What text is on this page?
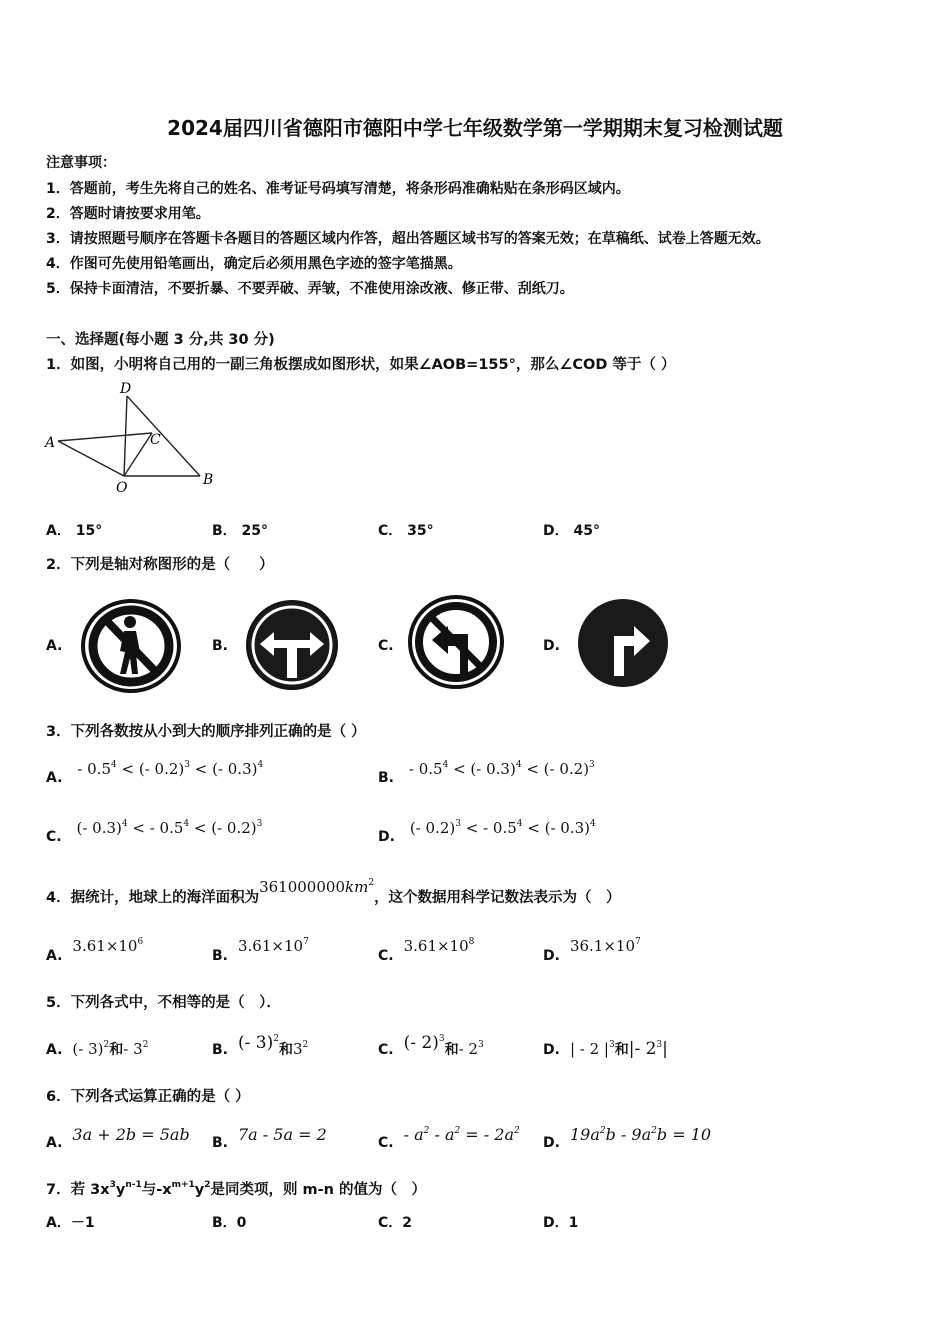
2024届四川省德阳市德阳中学七年级数学第一学期期末复习检测试题
注意事项：
1．答题前，考生先将自己的姓名、准考证号码填写清楚，将条形码准确粘贴在条形码区域内。
2．答题时请按要求用笔。
3．请按照题号顺序在答题卡各题目的答题区域内作答，超出答题区域书写的答案无效；在草稿纸、试卷上答题无效。
4．作图可先使用铅笔画出，确定后必须用黑色字迹的签字笔描黑。
5．保持卡面清洁，不要折暴、不要弄破、弄皱，不准使用涂改液、修正带、刮纸刀。
一、选择题(每小题 3 分,共 30 分)
1．如图，小明将自己用的一副三角板摆成如图形状，如果∠AOB=155°，那么∠COD 等于（ ）
D
A	C
O	B
A． 15°	B． 25°	C． 35°	D． 45°
2．下列是轴对称图形的是（　　）
A.	B.	C.	D.
3．下列各数按从小到大的顺序排列正确的是（ ）
A. - $0.5^4$ < (- 0.2)$^3$ < (- 0.3)$^4$
B. - $0.5^4$ < (- 0.3)$^4$ < (- 0.2)$^3$
C. (- 0.3)$^4$ < - $0.5^4$ < (- 0.2)$^3$
D. (- 0.2)$^3$ < - $0.5^4$ < (- 0.3)$^4$
4．据统计，地球上的海洋面积为$361000000km^2$，这个数据用科学记数法表示为（　）
$A.3.61\times 10^6$
$B.3.61\times 10^7$
$C.3.61\times 10^8$
$D.36.1\times 10^7$
5．下列各式中，不相等的是（　）．
A. (- 3)$^2$和- $3^2$	B. (- 3)$^2$和$3^2$	C. (- 2)$^3$和- $2^3$	D. | - 2 $|^3$和|- $2^3|$
6．下列各式运算正确的是（ ）
A. 3a + 2b = 5ab B. 7a - 5a = 2	C. - $a^2 - a^2$ = - $2a^2$
D. $19a^2b - 9a^2b = 10$
7．若 $3x^3y^{n-1}$与$-x^{m+1}y^2$是同类项，则 m-n 的值为（　）
A．－1	B．0	C．2	D．1
